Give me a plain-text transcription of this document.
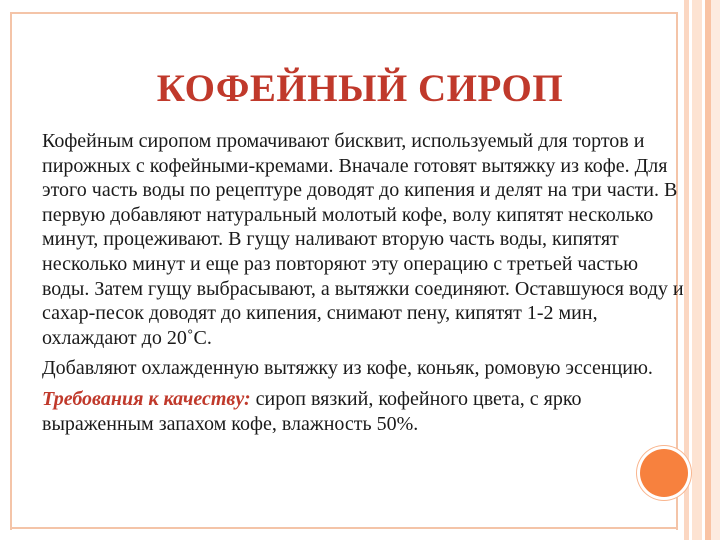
КОФЕЙНЫЙ СИРОП

Кофейным сиропом промачивают бисквит, используемый для тортов и пирожных с кофейными-кремами. Вначале готовят вытяжку из кофе. Для этого часть воды по рецептуре доводят до кипения и делят на три части. В первую добавляют натуральный молотый кофе, волу кипятят несколько минут, процеживают. В гущу наливают вторую часть воды, кипятят несколько минут и еще раз повторяют эту операцию с третьей частью воды. Затем гущу выбрасывают, а вытяжки соединяют. Оставшуюся воду и сахар-песок доводят до кипения, снимают пену, кипятят 1-2 мин, охлаждают до 20˚С.

Добавляют охлажденную вытяжку из кофе, коньяк, ромовую эссенцию.

Требования к качеству: сироп вязкий, кофейного цвета, с ярко выраженным запахом кофе, влажность 50%.
